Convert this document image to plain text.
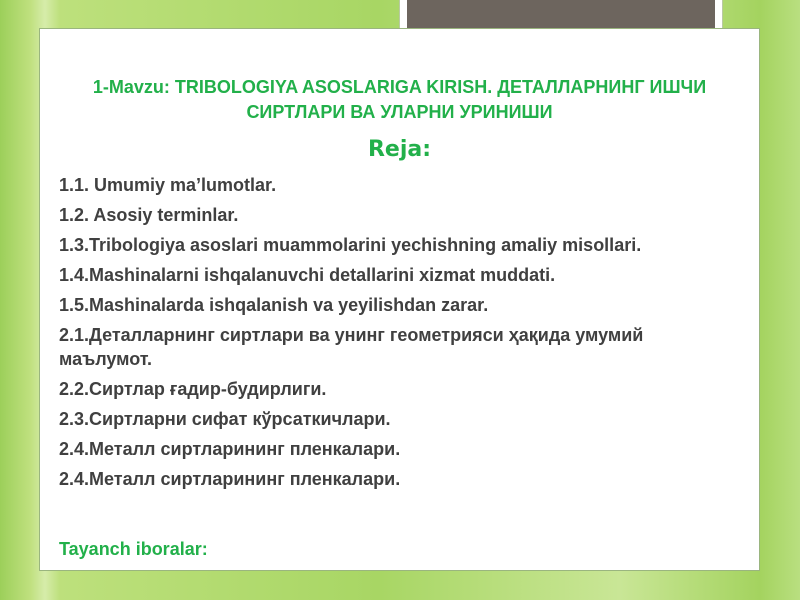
1-Mavzu: TRIBOLOGIYA ASOSLARIGA KIRISH. ДЕТАЛЛАРНИНГ ИШЧИ СИРТЛАРИ ВА УЛАРНИ УРИНИШИ
Reja:
1.1. Umumiy ma’lumotlar.
1.2. Asosiy terminlar.
1.3.Tribologiya asoslari muammolarini yechishning amaliy misollari.
1.4.Mashinalarni ishqalanuvchi detallarini xizmat muddati.
1.5.Mashinalarda ishqalanish va yeyilishdan zarar.
2.1.Деталларнинг сиртлари ва унинг геометрияси ҳақида умумий маълумот.
2.2.Сиртлар ғадир-будирлиги.
2.3.Сиртларни сифат кўрсаткичлари.
2.4.Металл сиртларининг пленкалари.
2.4.Металл сиртларининг пленкалари.

Tayanch iboralar:
